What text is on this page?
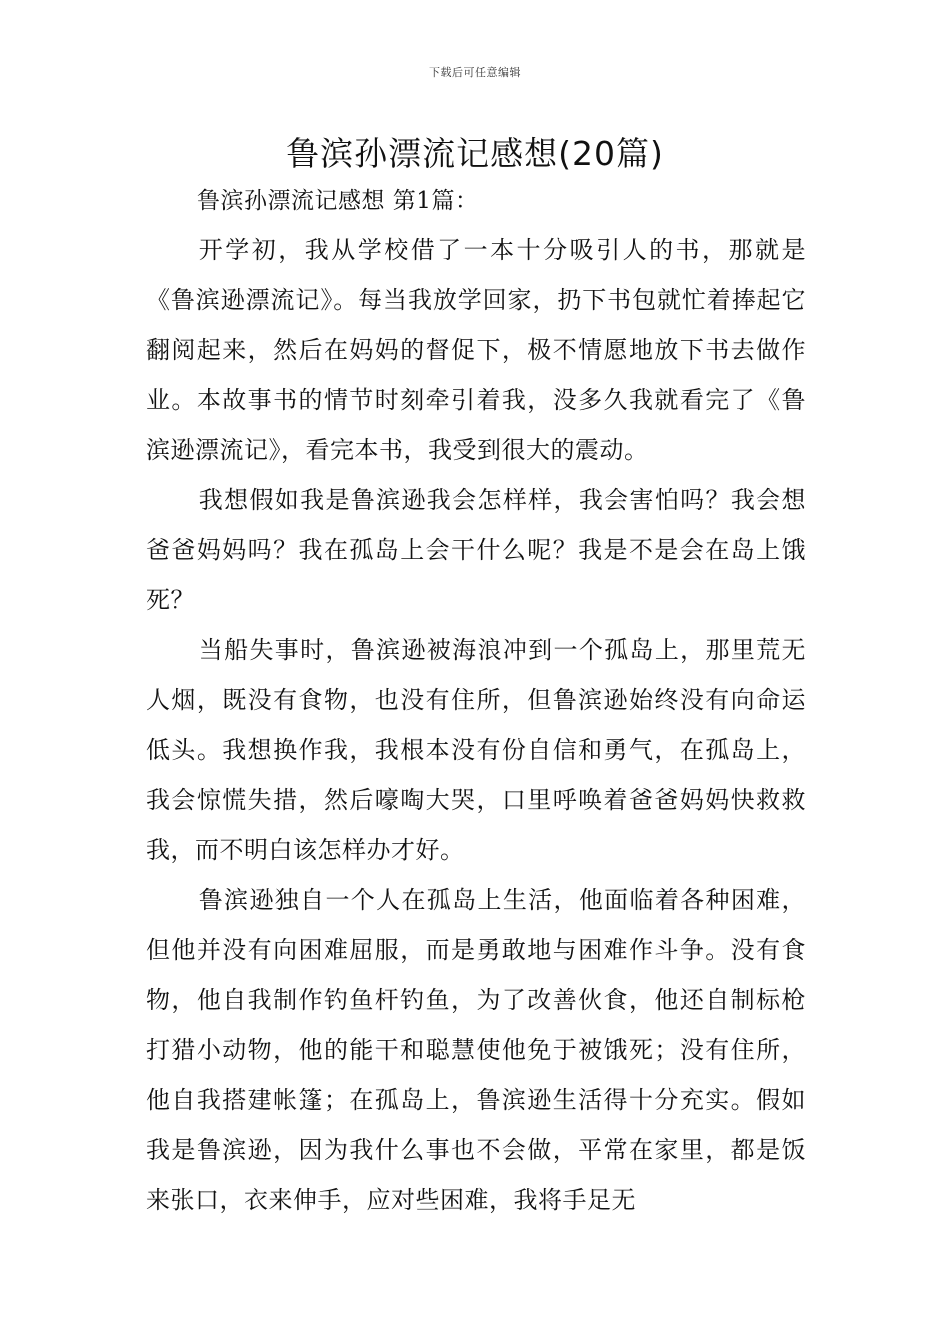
下载后可任意编辑
鲁滨孙漂流记感想(20篇)

鲁滨孙漂流记感想 第1篇：

开学初，我从学校借了一本十分吸引人的书，那就是《鲁滨逊漂流记》。每当我放学回家，扔下书包就忙着捧起它翻阅起来，然后在妈妈的督促下，极不情愿地放下书去做作业。本故事书的情节时刻牵引着我，没多久我就看完了《鲁滨逊漂流记》，看完本书，我受到很大的震动。

我想假如我是鲁滨逊我会怎样样，我会害怕吗？我会想爸爸妈妈吗？我在孤岛上会干什么呢？我是不是会在岛上饿死？

当船失事时，鲁滨逊被海浪冲到一个孤岛上，那里荒无人烟，既没有食物，也没有住所，但鲁滨逊始终没有向命运低头。我想换作我，我根本没有份自信和勇气，在孤岛上，我会惊慌失措，然后嚎啕大哭，口里呼唤着爸爸妈妈快救救我，而不明白该怎样办才好。

鲁滨逊独自一个人在孤岛上生活，他面临着各种困难，但他并没有向困难屈服，而是勇敢地与困难作斗争。没有食物，他自我制作钓鱼杆钓鱼，为了改善伙食，他还自制标枪打猎小动物，他的能干和聪慧使他免于被饿死；没有住所，他自我搭建帐篷；在孤岛上，鲁滨逊生活得十分充实。假如我是鲁滨逊，因为我什么事也不会做，平常在家里，都是饭来张口，衣来伸手，应对些困难，我将手足无
